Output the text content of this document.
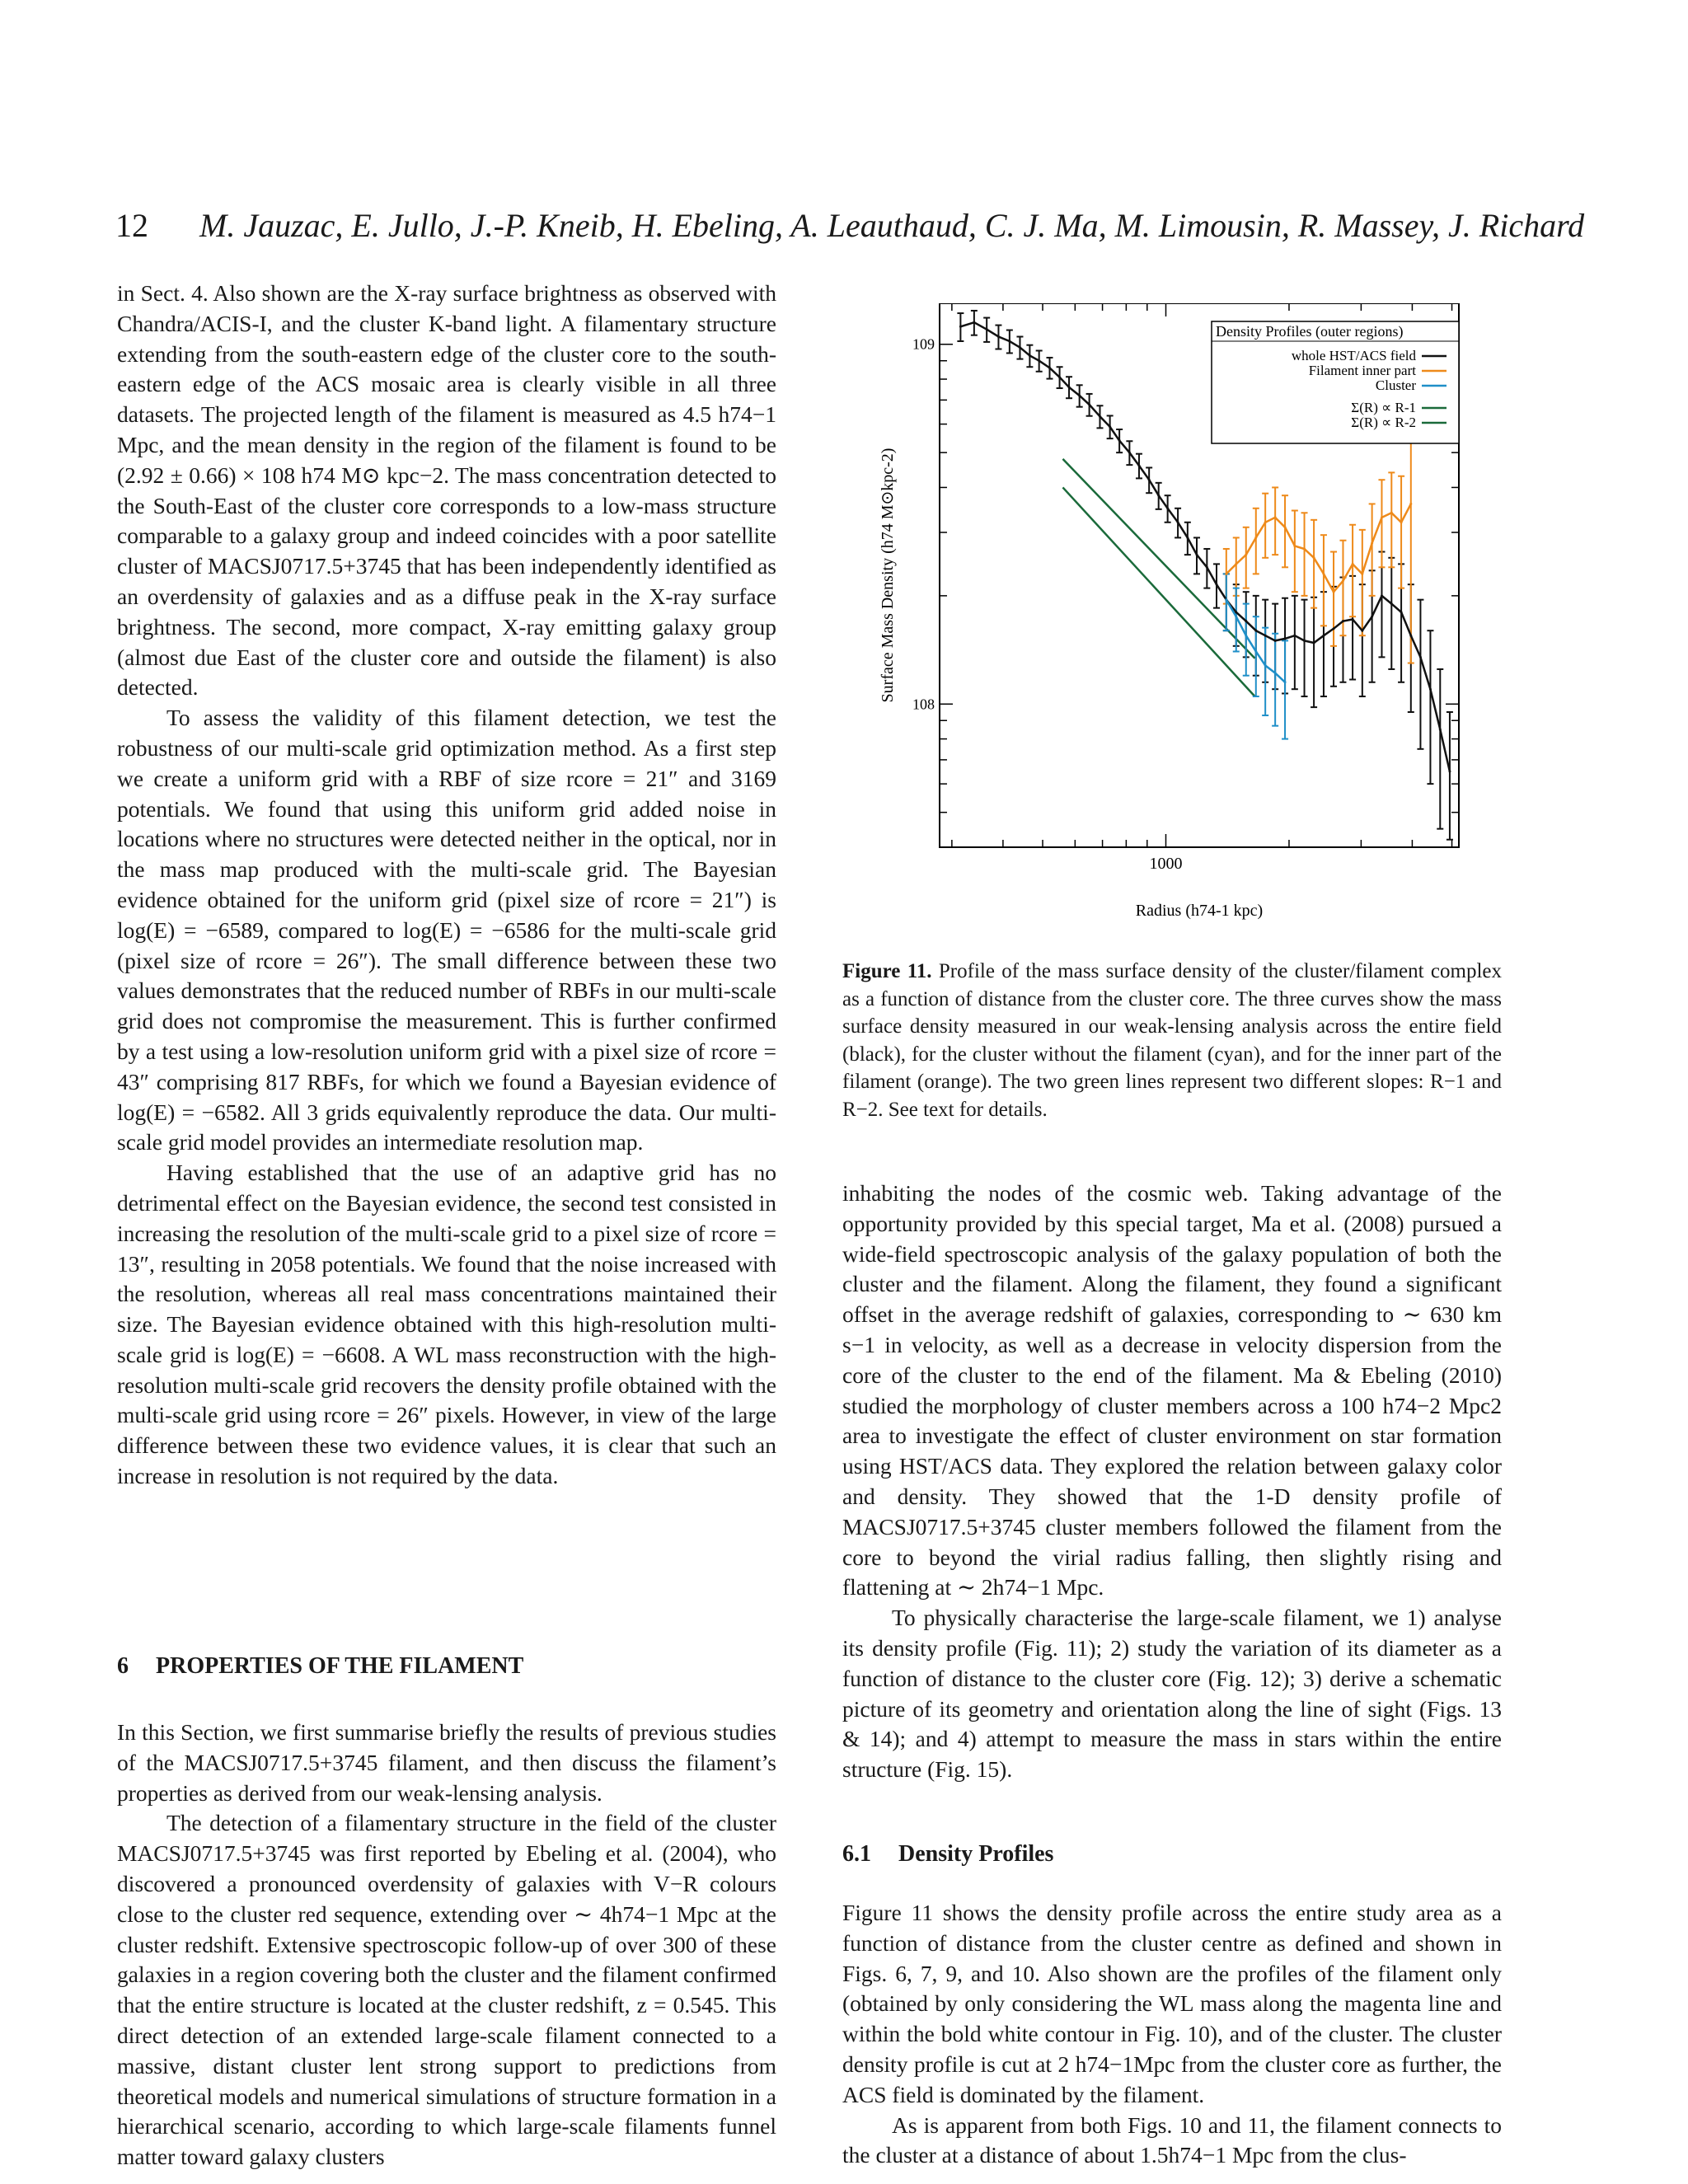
12 M. Jauzac, E. Jullo, J.-P. Kneib, H. Ebeling, A. Leauthaud, C. J. Ma, M. Limousin, R. Massey, J. Richard

in Sect. 4. Also shown are the X-ray surface brightness as observed with Chandra/ACIS-I, and the cluster K-band light. A filamentary structure extending from the south-eastern edge of the cluster core to the south-eastern edge of the ACS mosaic area is clearly visible in all three datasets. The projected length of the filament is measured as 4.5 h74−1 Mpc, and the mean density in the region of the filament is found to be (2.92 ± 0.66) × 108 h74 M⊙ kpc−2. The mass concentration detected to the South-East of the cluster core corresponds to a low-mass structure comparable to a galaxy group and indeed coincides with a poor satellite cluster of MACSJ0717.5+3745 that has been independently identified as an overdensity of galaxies and as a diffuse peak in the X-ray surface brightness. The second, more compact, X-ray emitting galaxy group (almost due East of the cluster core and outside the filament) is also detected.

To assess the validity of this filament detection, we test the robustness of our multi-scale grid optimization method. As a first step we create a uniform grid with a RBF of size rcore = 21″ and 3169 potentials. We found that using this uniform grid added noise in locations where no structures were detected neither in the optical, nor in the mass map produced with the multi-scale grid. The Bayesian evidence obtained for the uniform grid (pixel size of rcore = 21″) is log(E) = −6589, compared to log(E) = −6586 for the multi-scale grid (pixel size of rcore = 26″). The small difference between these two values demonstrates that the reduced number of RBFs in our multi-scale grid does not compromise the measurement. This is further confirmed by a test using a low-resolution uniform grid with a pixel size of rcore = 43″ comprising 817 RBFs, for which we found a Bayesian evidence of log(E) = −6582. All 3 grids equivalently reproduce the data. Our multi-scale grid model provides an intermediate resolution map.

Having established that the use of an adaptive grid has no detrimental effect on the Bayesian evidence, the second test consisted in increasing the resolution of the multi-scale grid to a pixel size of rcore = 13″, resulting in 2058 potentials. We found that the noise increased with the resolution, whereas all real mass concentrations maintained their size. The Bayesian evidence obtained with this high-resolution multi-scale grid is log(E) = −6608. A WL mass reconstruction with the high-resolution multi-scale grid recovers the density profile obtained with the multi-scale grid using rcore = 26″ pixels. However, in view of the large difference between these two evidence values, it is clear that such an increase in resolution is not required by the data.

6 PROPERTIES OF THE FILAMENT

In this Section, we first summarise briefly the results of previous studies of the MACSJ0717.5+3745 filament, and then discuss the filament’s properties as derived from our weak-lensing analysis.

The detection of a filamentary structure in the field of the cluster MACSJ0717.5+3745 was first reported by Ebeling et al. (2004), who discovered a pronounced overdensity of galaxies with V−R colours close to the cluster red sequence, extending over ∼ 4h74−1 Mpc at the cluster redshift. Extensive spectroscopic follow-up of over 300 of these galaxies in a region covering both the cluster and the filament confirmed that the entire structure is located at the cluster redshift, z = 0.545. This direct detection of an extended large-scale filament connected to a massive, distant cluster lent strong support to predictions from theoretical models and numerical simulations of structure formation in a hierarchical scenario, according to which large-scale filaments funnel matter toward galaxy clusters

1000
109
108
Radius (h74-1 kpc)
Surface Mass Density (h74 M⊙kpc-2)
Density Profiles (outer regions)
whole HST/ACS field
Filament inner part
Cluster
Σ(R) ∝ R-1
Σ(R) ∝ R-2
Figure 11. Profile of the mass surface density of the cluster/filament complex as a function of distance from the cluster core. The three curves show the mass surface density measured in our weak-lensing analysis across the entire field (black), for the cluster without the filament (cyan), and for the inner part of the filament (orange). The two green lines represent two different slopes: R−1 and R−2. See text for details.

inhabiting the nodes of the cosmic web. Taking advantage of the opportunity provided by this special target, Ma et al. (2008) pursued a wide-field spectroscopic analysis of the galaxy population of both the cluster and the filament. Along the filament, they found a significant offset in the average redshift of galaxies, corresponding to ∼ 630 km s−1 in velocity, as well as a decrease in velocity dispersion from the core of the cluster to the end of the filament. Ma & Ebeling (2010) studied the morphology of cluster members across a 100 h74−2 Mpc2 area to investigate the effect of cluster environment on star formation using HST/ACS data. They explored the relation between galaxy color and density. They showed that the 1-D density profile of MACSJ0717.5+3745 cluster members followed the filament from the core to beyond the virial radius falling, then slightly rising and flattening at ∼ 2h74−1 Mpc.

To physically characterise the large-scale filament, we 1) analyse its density profile (Fig. 11); 2) study the variation of its diameter as a function of distance to the cluster core (Fig. 12); 3) derive a schematic picture of its geometry and orientation along the line of sight (Figs. 13 & 14); and 4) attempt to measure the mass in stars within the entire structure (Fig. 15).

6.1 Density Profiles

Figure 11 shows the density profile across the entire study area as a function of distance from the cluster centre as defined and shown in Figs. 6, 7, 9, and 10. Also shown are the profiles of the filament only (obtained by only considering the WL mass along the magenta line and within the bold white contour in Fig. 10), and of the cluster. The cluster density profile is cut at 2 h74−1Mpc from the cluster core as further, the ACS field is dominated by the filament.

As is apparent from both Figs. 10 and 11, the filament connects to the cluster at a distance of about 1.5h74−1 Mpc from the clus-
